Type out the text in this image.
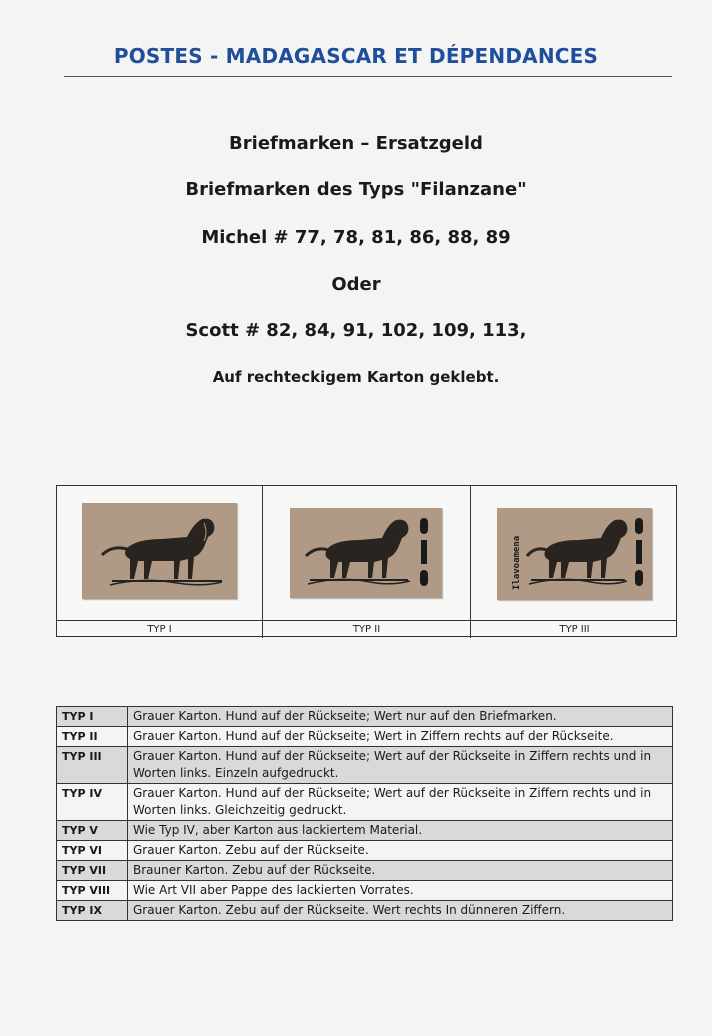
POSTES - MADAGASCAR ET DÉPENDANCES
Briefmarken – Ersatzgeld
Briefmarken des Typs "Filanzane"
Michel # 77, 78, 81, 86, 88, 89
Oder
Scott # 82, 84, 91, 102, 109, 113,
Auf rechteckigem Karton geklebt.
Ilavoamena
TYP I	TYP II	TYP III
TYP I	Grauer Karton. Hund auf der Rückseite; Wert nur auf den Briefmarken.
TYP II	Grauer Karton. Hund auf der Rückseite; Wert in Ziffern rechts auf der Rückseite.
TYP III	Grauer Karton. Hund auf der Rückseite; Wert auf der Rückseite in Ziffern rechts und in Worten links. Einzeln aufgedruckt.
TYP IV	Grauer Karton. Hund auf der Rückseite; Wert auf der Rückseite in Ziffern rechts und in Worten links. Gleichzeitig gedruckt.
TYP V	Wie Typ IV, aber Karton aus lackiertem Material.
TYP VI	Grauer Karton. Zebu auf der Rückseite.
TYP VII	Brauner Karton. Zebu auf der Rückseite.
TYP VIII	Wie Art VII aber Pappe des lackierten Vorrates.
TYP IX	Grauer Karton. Zebu auf der Rückseite. Wert rechts In dünneren Ziffern.
